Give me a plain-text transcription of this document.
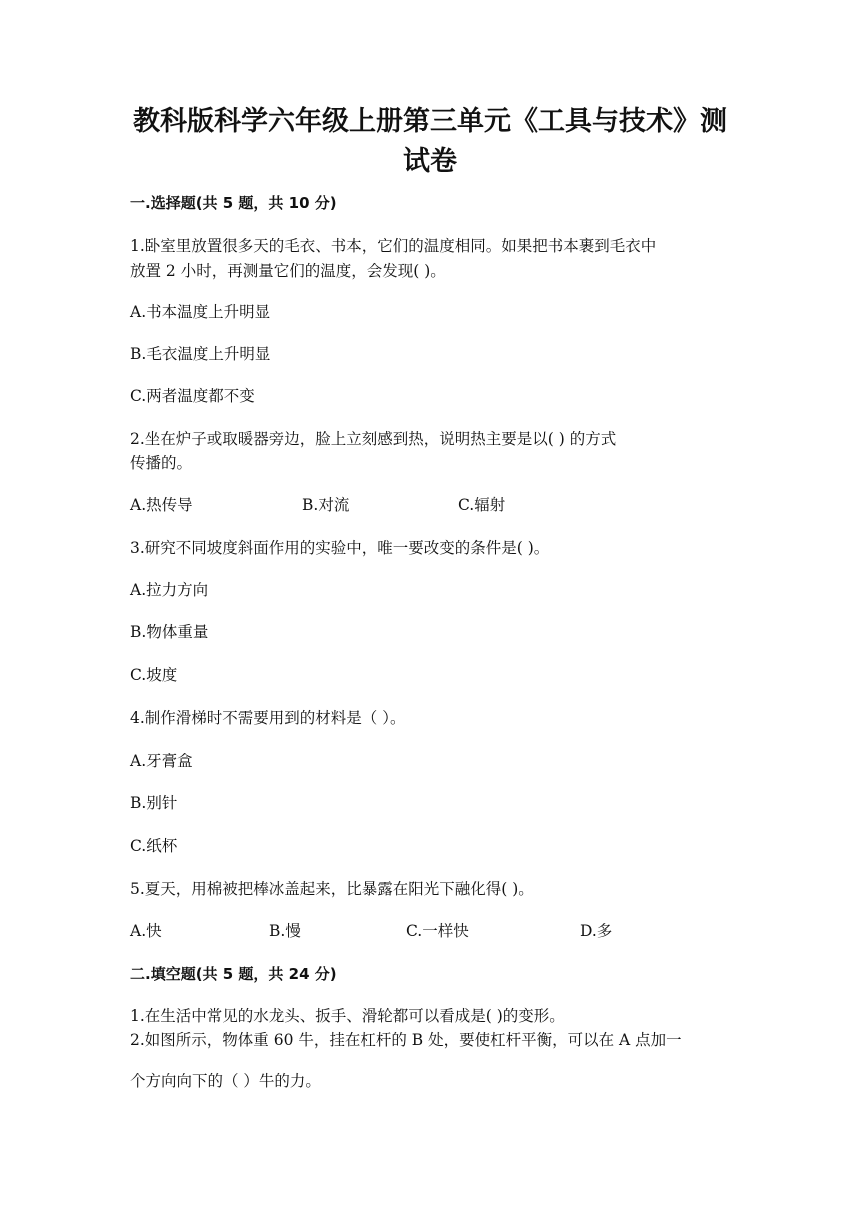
教科版科学六年级上册第三单元《工具与技术》测
试卷
一.选择题(共 5 题，共 10 分)
1.卧室里放置很多天的毛衣、书本，它们的温度相同。如果把书本裹到毛衣中
放置 2 小时，再测量它们的温度，会发现( )。
A.书本温度上升明显
B.毛衣温度上升明显
C.两者温度都不变
2.坐在炉子或取暖器旁边，脸上立刻感到热，说明热主要是以( ) 的方式
传播的。
A.热传导	B.对流	C.辐射
3.研究不同坡度斜面作用的实验中，唯一要改变的条件是( )。
A.拉力方向
B.物体重量
C.坡度
4.制作滑梯时不需要用到的材料是（ ）。
A.牙膏盒
B.别针
C.纸杯
5.夏天，用棉被把棒冰盖起来，比暴露在阳光下融化得( )。
A.快	B.慢	C.一样快	D.多
二.填空题(共 5 题，共 24 分)
1.在生活中常见的水龙头、扳手、滑轮都可以看成是( )的变形。
2.如图所示，物体重 60 牛，挂在杠杆的 B 处，要使杠杆平衡，可以在 A 点加一
个方向向下的（ ）牛的力。
